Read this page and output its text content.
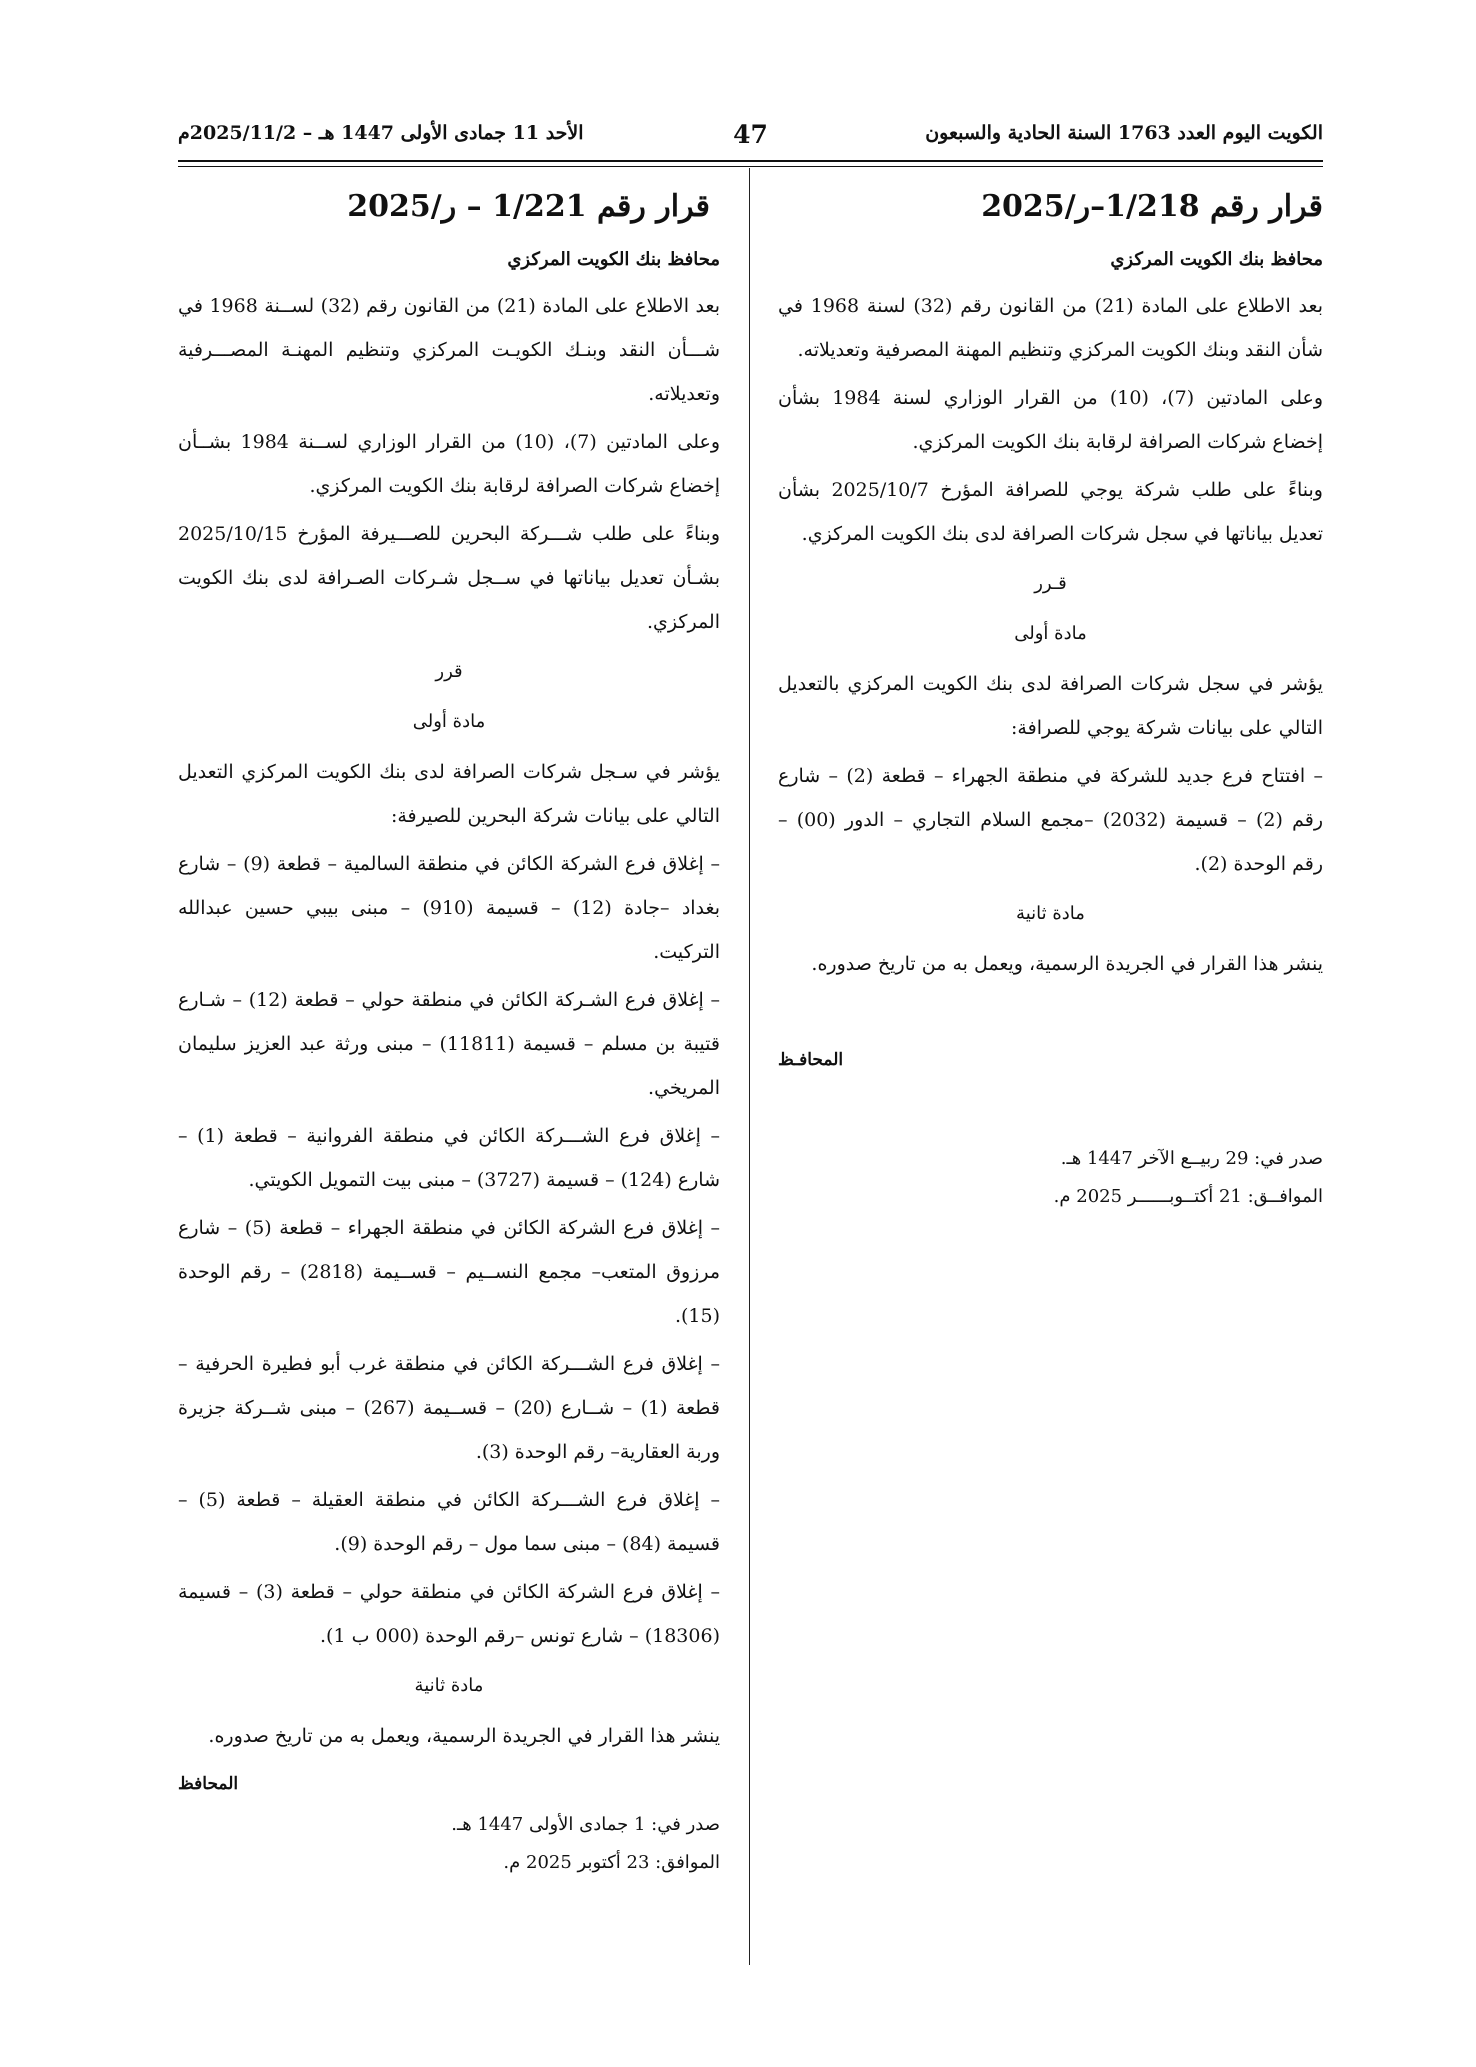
الكويت اليوم العدد 1763 السنة الحادية والسبعون
47
الأحد 11 جمادى الأولى 1447 هـ – 2025/11/2م
قرار رقم 1/218–ر/2025
محافظ بنك الكويت المركزي

بعد الاطلاع على المادة (21) من القانون رقم (32) لسنة 1968 في شأن النقد وبنك الكويت المركزي وتنظيم المهنة المصرفية وتعديلاته.

وعلى المادتين (7)، (10) من القرار الوزاري لسنة 1984 بشأن إخضاع شركات الصرافة لرقابة بنك الكويت المركزي.

وبناءً على طلب شركة يوجي للصرافة المؤرخ 2025/10/7 بشأن تعديل بياناتها في سجل شركات الصرافة لدى بنك الكويت المركزي.

قـرر
مادة أولى

يؤشر في سجل شركات الصرافة لدى بنك الكويت المركزي بالتعديل التالي على بيانات شركة يوجي للصرافة:

– افتتاح فرع جديد للشركة في منطقة الجهراء – قطعة (2) – شارع رقم (2) – قسيمة (2032) –مجمع السلام التجاري – الدور (00) – رقم الوحدة (2).

مادة ثانية

ينشر هذا القرار في الجريدة الرسمية، ويعمل به من تاريخ صدوره.

المحافـظ
صدر في: 29 ربيــع الآخر 1447 هـ.
الموافــق: 21 أكتــوبــــــر 2025 م.
قرار رقم 1/221 – ر/2025
محافظ بنك الكويت المركزي

بعد الاطلاع على المادة (21) من القانون رقم (32) لســنة 1968 في شـــأن النقد وبنـك الكويـت المركزي وتنظيم المهنـة المصـــرفية وتعديلاته.

وعلى المادتين (7)، (10) من القرار الوزاري لســنة 1984 بشــأن إخضاع شركات الصرافة لرقابة بنك الكويت المركزي.

وبناءً على طلب شـــركة البحرين للصـــيرفة المؤرخ 2025/10/15 بشـأن تعديل بياناتها في ســجل شـركات الصـرافة لدى بنك الكويت المركزي.

قرر
مادة أولى

يؤشر في سـجل شركات الصرافة لدى بنك الكويت المركزي التعديل التالي على بيانات شركة البحرين للصيرفة:

– إغلاق فرع الشركة الكائن في منطقة السالمية – قطعة (9) – شارع بغداد –جادة (12) – قسيمة (910) – مبنى بيبي حسين عبدالله التركيت.

– إغلاق فرع الشـركة الكائن في منطقة حولي – قطعة (12) – شـارع قتيبة بن مسلم – قسيمة (11811) – مبنى ورثة عبد العزيز سليمان المريخي.

– إغلاق فرع الشـــركة الكائن في منطقة الفروانية – قطعة (1) – شارع (124) – قسيمة (3727) – مبنى بيت التمويل الكويتي.

– إغلاق فرع الشركة الكائن في منطقة الجهراء – قطعة (5) – شارع مرزوق المتعب– مجمع النســيم – قســيمة (2818) – رقم الوحدة (15).

– إغلاق فرع الشـــركة الكائن في منطقة غرب أبو فطيرة الحرفية – قطعة (1) – شــارع (20) – قســيمة (267) – مبنى شــركة جزيرة وربة العقارية– رقم الوحدة (3).

– إغلاق فرع الشـــركة الكائن في منطقة العقيلة – قطعة (5) – قسيمة (84) – مبنى سما مول – رقم الوحدة (9).

– إغلاق فرع الشركة الكائن في منطقة حولي – قطعة (3) – قسيمة (18306) – شارع تونس –رقم الوحدة (000 ب 1).

مادة ثانية

ينشر هذا القرار في الجريدة الرسمية، ويعمل به من تاريخ صدوره.

المحافظ
صدر في: 1 جمادى الأولى 1447 هـ.
الموافق: 23 أكتوبر 2025 م.
